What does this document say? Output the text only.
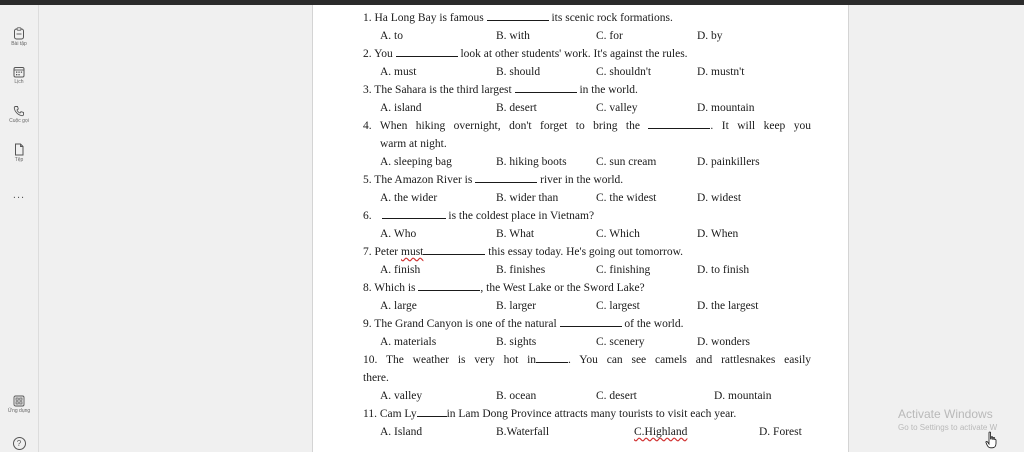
Bài tập
Lịch
Cuộc gọi
Tệp
...
Ứng dụng
?
1. Ha Long Bay is famous	its scenic rock formations.
A. to	B. with	C. for	D. by
2. You	look at other students' work. It's against the rules.
A. must	B. should	C. shouldn't	D. mustn't
3. The Sahara is the third largest	in the world.
A. island	B. desert	C. valley	D. mountain
4. When hiking overnight, don't forget to bring the	. It will keep you
warm at night.
A. sleeping bag	B. hiking boots	C. sun cream	D. painkillers
5. The Amazon River is	river in the world.
A. the wider	B. wider than	C. the widest	D. widest
6.	is the coldest place in Vietnam?
A. Who	B. What	C. Which	D. When
7. Peter must	this essay today. He's going out tomorrow.
A. finish	B. finishes	C. finishing	D. to finish
8. Which is	, the West Lake or the Sword Lake?
A. large	B. larger	C. largest	D. the largest
9. The Grand Canyon is one of the natural	of the world.
A. materials	B. sights	C. scenery	D. wonders
10. The weather is very hot in	. You can see camels and rattlesnakes easily
there.
A. valley	B. ocean	C. desert	D. mountain
11. Cam Ly	in Lam Dong Province attracts many tourists to visit each year.
A. Island	B.Waterfall	C.Highland	D. Forest
Activate Windows
Go to Settings to activate W
